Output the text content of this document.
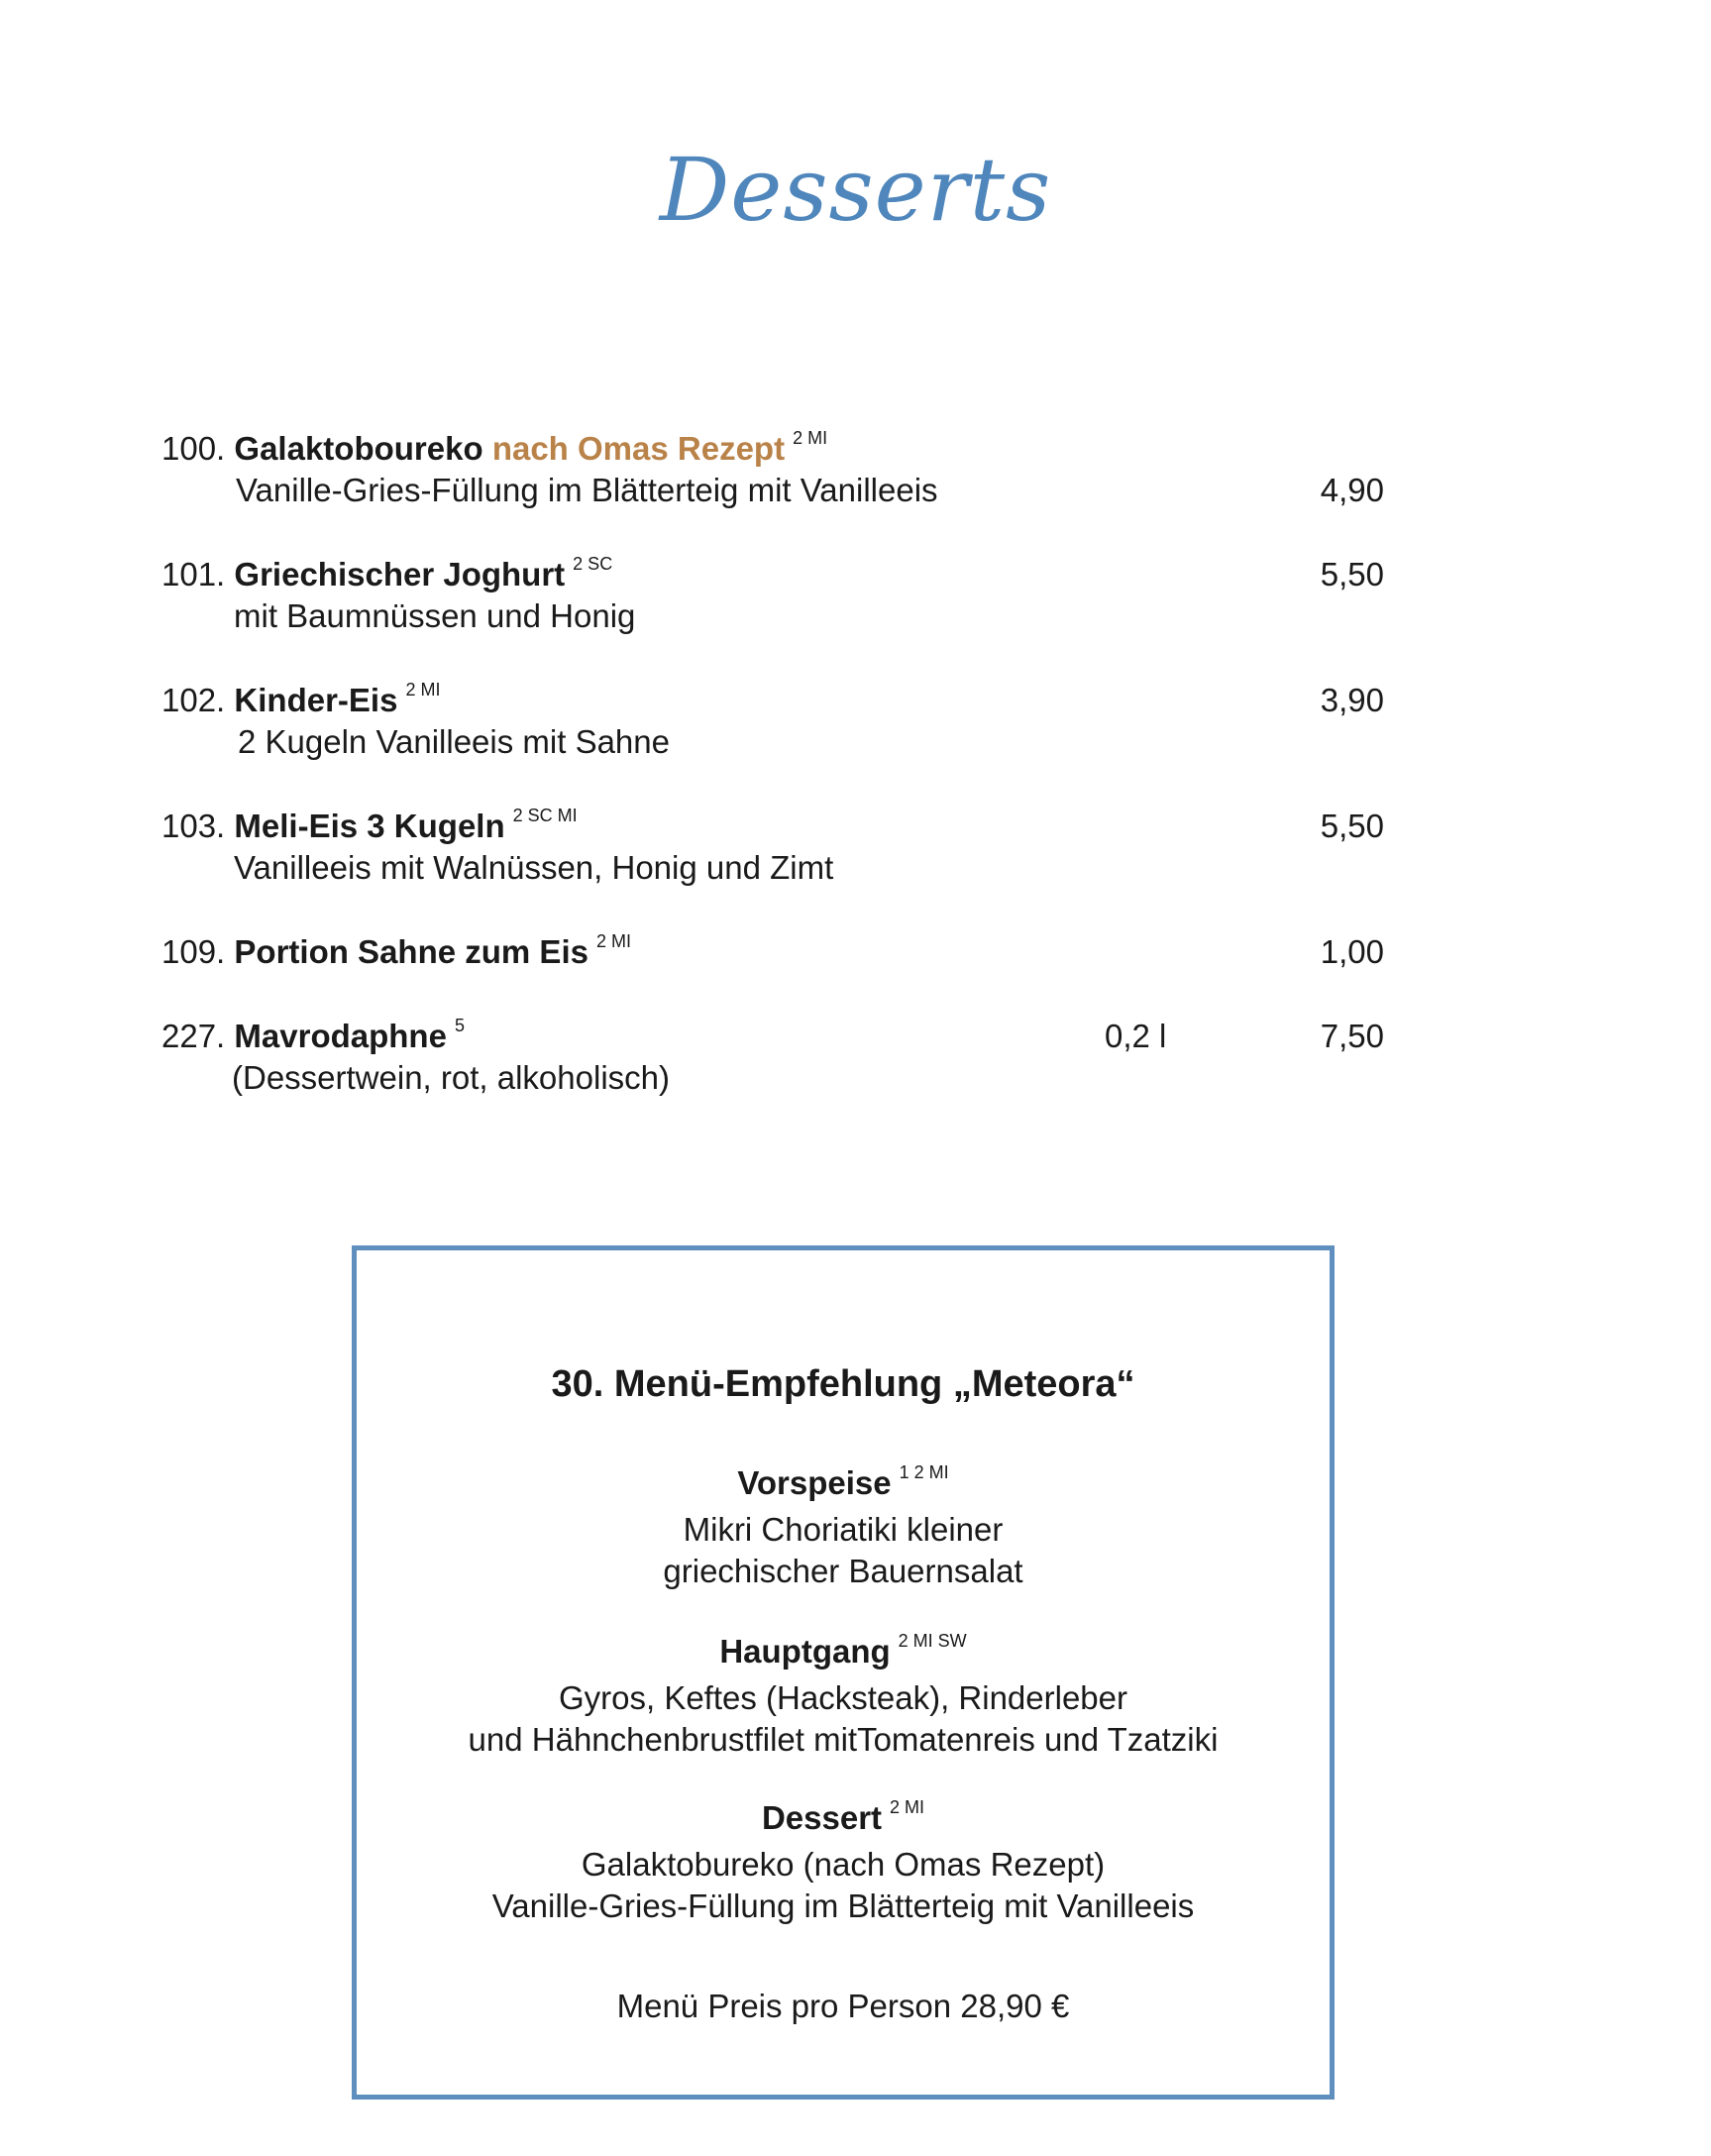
Desserts
100. Galaktoboureko nach Omas Rezept $^{2 MI}$
Vanille-Gries-Füllung im Blätterteig mit Vanilleeis	4,90
101. Griechischer Joghurt $^{2 SC}$	5,50
mit Baumnüssen und Honig
102. Kinder-Eis $^{2 MI}$	3,90
2 Kugeln Vanilleeis mit Sahne
103. Meli-Eis 3 Kugeln $^{2 SC MI}$	5,50
Vanilleeis mit Walnüssen, Honig und Zimt
109. Portion Sahne zum Eis $^{2 MI}$	1,00
227. Mavrodaphne $^5$	0,2 l	7,50
(Dessertwein, rot, alkoholisch)
30. Menü-Empfehlung „Meteora“
Vorspeise $^{1 2 MI}$
Mikri Choriatiki kleiner
griechischer Bauernsalat
Hauptgang $^{2 MI SW}$
Gyros, Keftes (Hacksteak), Rinderleber
und Hähnchenbrustfilet mitTomatenreis und Tzatziki
Dessert $^{2 MI}$
Galaktobureko (nach Omas Rezept)
Vanille-Gries-Füllung im Blätterteig mit Vanilleeis
Menü Preis pro Person 28,90 €
